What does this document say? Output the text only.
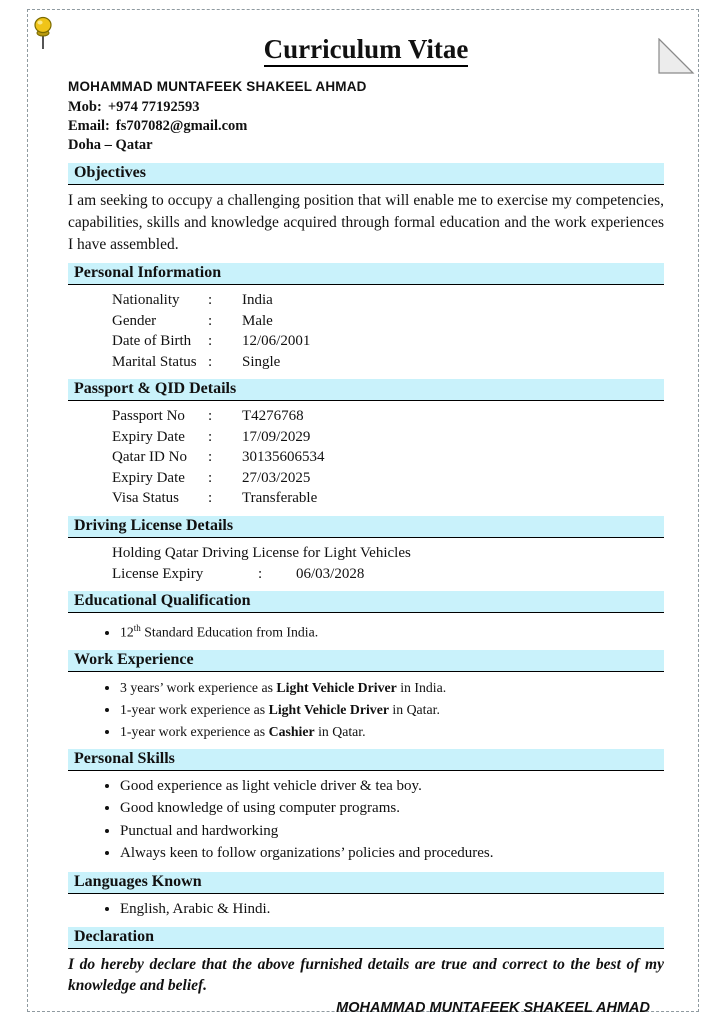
Curriculum Vitae
MOHAMMAD MUNTAFEEK SHAKEEL AHMAD
Mob: +974 77192593
Email: fs707082@gmail.com
Doha – Qatar
Objectives
I am seeking to occupy a challenging position that will enable me to exercise my competencies, capabilities, skills and knowledge acquired through formal education and the work experiences I have assembled.
Personal Information
Nationality : India
Gender	: Male
Date of Birth : 12/06/2001
Marital Status : Single
Passport & QID Details
Passport No : T4276768
Expiry Date : 17/09/2029
Qatar ID No : 30135606534
Expiry Date : 27/03/2025
Visa Status : Transferable
Driving License Details
Holding Qatar Driving License for Light Vehicles
License Expiry	: 06/03/2028
Educational Qualification
• 12th Standard Education from India.
Work Experience
• 3 years’ work experience as Light Vehicle Driver in India.
• 1-year work experience as Light Vehicle Driver in Qatar.
• 1-year work experience as Cashier in Qatar.
Personal Skills
• Good experience as light vehicle driver & tea boy.
• Good knowledge of using computer programs.
• Punctual and hardworking
• Always keen to follow organizations’ policies and procedures.
Languages Known
• English, Arabic & Hindi.
Declaration
I do hereby declare that the above furnished details are true and correct to the best of my knowledge and belief.
MOHAMMAD MUNTAFEEK SHAKEEL AHMAD
